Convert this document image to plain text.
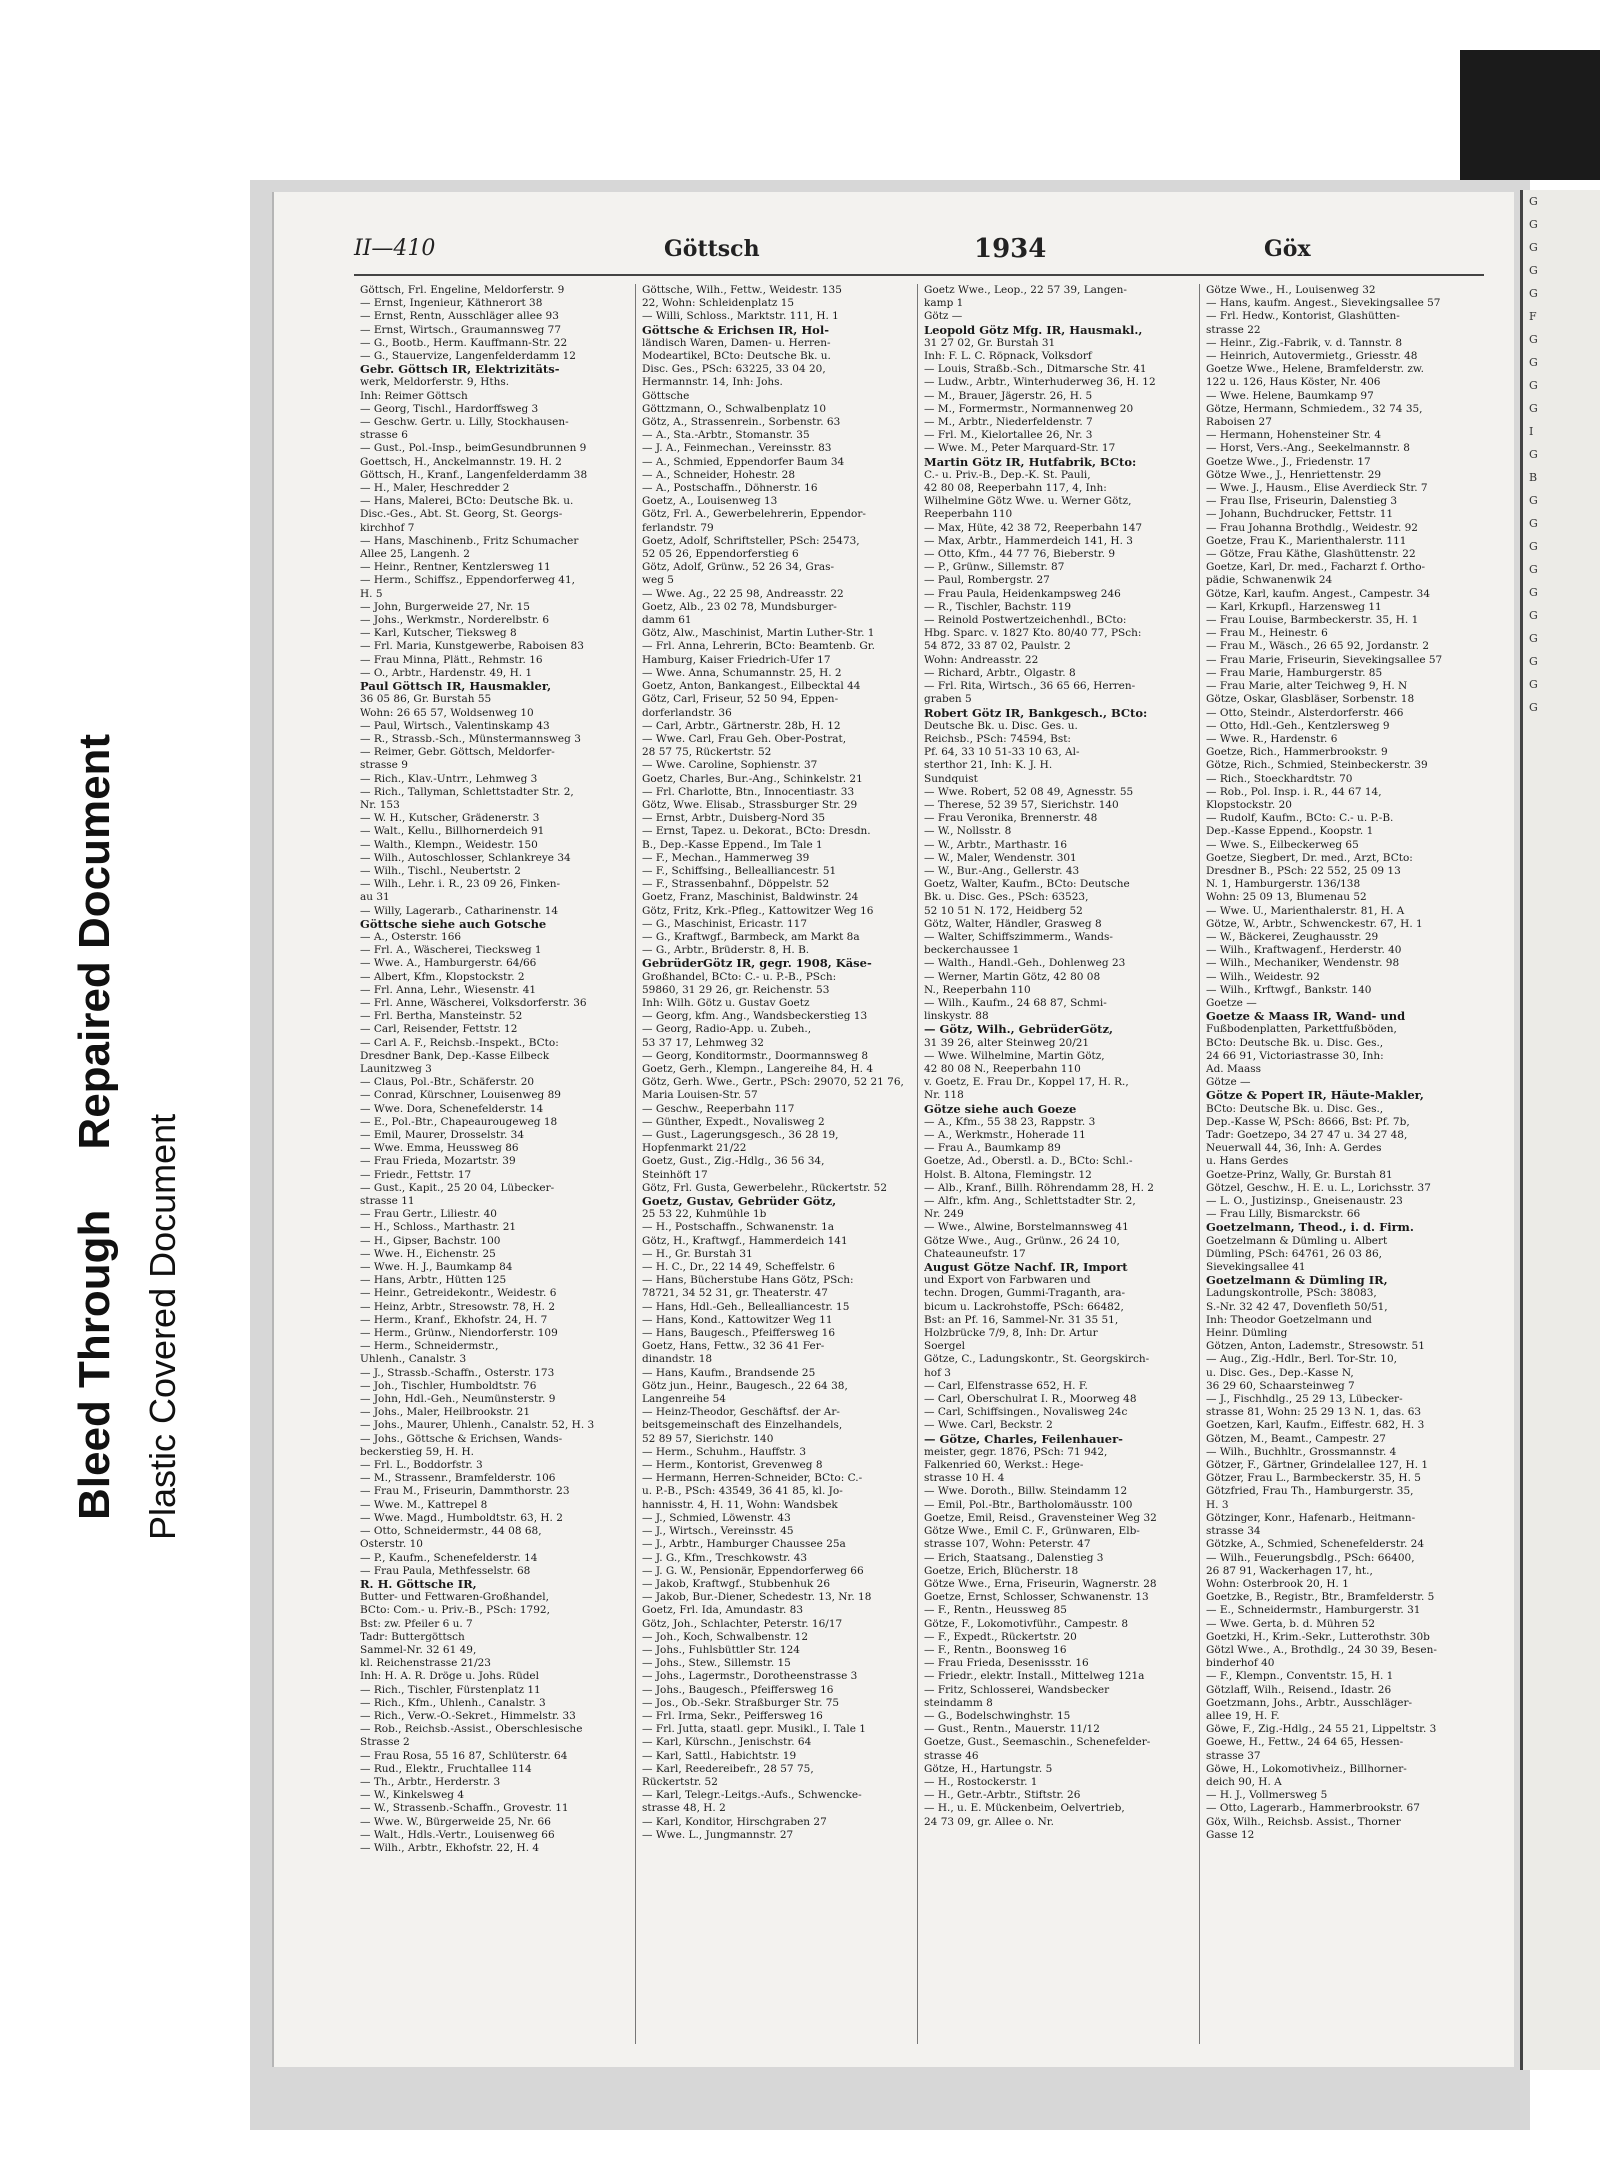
Bleed ThroughRepaired Document
Plastic Covered Document
II—410	Göttsch	1934	Göx
Göttsch, Frl. Engeline, Meldorferstr. 9
— Ernst, Ingenieur, Käthnerort 38
— Ernst, Rentn, Ausschläger allee 93
— Ernst, Wirtsch., Graumannsweg 77
— G., Bootb., Herm. Kauffmann-Str. 22
— G., Stauervize, Langenfelderdamm 12
Gebr. Göttsch IR, Elektrizitäts-
werk, Meldorferstr. 9, Hths.
Inh: Reimer Göttsch
— Georg, Tischl., Hardorffsweg 3
— Geschw. Gertr. u. Lilly, Stockhausen-
strasse 6
— Gust., Pol.-Insp., beimGesundbrunnen 9
Goettsch, H., Anckelmannstr. 19. H. 2
Göttsch, H., Kranf., Langenfelderdamm 38
— H., Maler, Heschredder 2
— Hans, Malerei, BCto: Deutsche Bk. u.
Disc.-Ges., Abt. St. Georg, St. Georgs-
kirchhof 7
— Hans, Maschinenb., Fritz Schumacher
Allee 25, Langenh. 2
— Heinr., Rentner, Kentzlersweg 11
— Herm., Schiffsz., Eppendorferweg 41,
H. 5
— John, Burgerweide 27, Nr. 15
— Johs., Werkmstr., Norderelbstr. 6
— Karl, Kutscher, Tieksweg 8
— Frl. Maria, Kunstgewerbe, Raboisen 83
— Frau Minna, Plätt., Rehmstr. 16
— O., Arbtr., Hardenstr. 49, H. 1
Paul Göttsch IR, Hausmakler,
36 05 86, Gr. Burstah 55
Wohn: 26 65 57, Woldsenweg 10
— Paul, Wirtsch., Valentinskamp 43
— R., Strassb.-Sch., Münstermannsweg 3
— Reimer, Gebr. Göttsch, Meldorfer-
strasse 9
— Rich., Klav.-Untrr., Lehmweg 3
— Rich., Tallyman, Schlettstadter Str. 2,
Nr. 153
— W. H., Kutscher, Grädenerstr. 3
— Walt., Kellu., Billhornerdeich 91
— Walth., Klempn., Weidestr. 150
— Wilh., Autoschlosser, Schlankreye 34
— Wilh., Tischl., Neubertstr. 2
— Wilh., Lehr. i. R., 23 09 26, Finken-
au 31
— Willy, Lagerarb., Catharinenstr. 14
Göttsche siehe auch Gotsche
— A., Osterstr. 166
— Frl. A., Wäscherei, Tiecksweg 1
— Wwe. A., Hamburgerstr. 64/66
— Albert, Kfm., Klopstockstr. 2
— Frl. Anna, Lehr., Wiesenstr. 41
— Frl. Anne, Wäscherei, Volksdorferstr. 36
— Frl. Bertha, Mansteinstr. 52
— Carl, Reisender, Fettstr. 12
— Carl A. F., Reichsb.-Inspekt., BCto:
Dresdner Bank, Dep.-Kasse Eilbeck
Launitzweg 3
— Claus, Pol.-Btr., Schäferstr. 20
— Conrad, Kürschner, Louisenweg 89
— Wwe. Dora, Schenefelderstr. 14
— E., Pol.-Btr., Chapeaurougeweg 18
— Emil, Maurer, Drosselstr. 34
— Wwe. Emma, Heussweg 86
— Frau Frieda, Mozartstr. 39
— Friedr., Fettstr. 17
— Gust., Kapit., 25 20 04, Lübecker-
strasse 11
— Frau Gertr., Liliestr. 40
— H., Schloss., Marthastr. 21
— H., Gipser, Bachstr. 100
— Wwe. H., Eichenstr. 25
— Wwe. H. J., Baumkamp 84
— Hans, Arbtr., Hütten 125
— Heinr., Getreidekontr., Weidestr. 6
— Heinz, Arbtr., Stresowstr. 78, H. 2
— Herm., Kranf., Ekhofstr. 24, H. 7
— Herm., Grünw., Niendorferstr. 109
— Herm., Schneidermstr.,
Uhlenh., Canalstr. 3
— J., Strassb.-Schaffn., Osterstr. 173
— Joh., Tischler, Humboldtstr. 76
— John, Hdl.-Geh., Neumünsterstr. 9
— Johs., Maler, Heilbrookstr. 21
— Johs., Maurer, Uhlenh., Canalstr. 52, H. 3
— Johs., Göttsche & Erichsen, Wands-
beckerstieg 59, H. H.
— Frl. L., Boddorfstr. 3
— M., Strassenr., Bramfelderstr. 106
— Frau M., Friseurin, Dammthorstr. 23
— Wwe. M., Kattrepel 8
— Wwe. Magd., Humboldtstr. 63, H. 2
— Otto, Schneidermstr., 44 08 68,
Osterstr. 10
— P., Kaufm., Schenefelderstr. 14
— Frau Paula, Methfesselstr. 68
R. H. Göttsche IR,
Butter- und Fettwaren-Großhandel,
BCto: Com.- u. Priv.-B., PSch: 1792,
Bst: zw. Pfeiler 6 u. 7
Tadr: Buttergöttsch
Sammel-Nr. 32 61 49,
kl. Reichenstrasse 21/23
Inh: H. A. R. Dröge u. Johs. Rüdel
— Rich., Tischler, Fürstenplatz 11
— Rich., Kfm., Uhlenh., Canalstr. 3
— Rich., Verw.-O.-Sekret., Himmelstr. 33
— Rob., Reichsb.-Assist., Oberschlesische
Strasse 2
— Frau Rosa, 55 16 87, Schlüterstr. 64
— Rud., Elektr., Fruchtallee 114
— Th., Arbtr., Herderstr. 3
— W., Kinkelsweg 4
— W., Strassenb.-Schaffn., Grovestr. 11
— Wwe. W., Bürgerweide 25, Nr. 66
— Walt., Hdls.-Vertr., Louisenweg 66
— Wilh., Arbtr., Ekhofstr. 22, H. 4
Göttsche, Wilh., Fettw., Weidestr. 135
22, Wohn: Schleidenplatz 15
— Willi, Schloss., Marktstr. 111, H. 1
Göttsche & Erichsen IR, Hol-
ländisch Waren, Damen- u. Herren-
Modeartikel, BCto: Deutsche Bk. u.
Disc. Ges., PSch: 63225, 33 04 20,
Hermannstr. 14, Inh: Johs.
Göttsche
Göttzmann, O., Schwalbenplatz 10
Götz, A., Strassenrein., Sorbenstr. 63
— A., Sta.-Arbtr., Stomanstr. 35
— J. A., Feinmechan., Vereinsstr. 83
— A., Schmied, Eppendorfer Baum 34
— A., Schneider, Hohestr. 28
— A., Postschaffn., Döhnerstr. 16
Goetz, A., Louisenweg 13
Götz, Frl. A., Gewerbelehrerin, Eppendor-
ferlandstr. 79
Goetz, Adolf, Schriftsteller, PSch: 25473,
52 05 26, Eppendorferstieg 6
Götz, Adolf, Grünw., 52 26 34, Gras-
weg 5
— Wwe. Ag., 22 25 98, Andreasstr. 22
Goetz, Alb., 23 02 78, Mundsburger-
damm 61
Götz, Alw., Maschinist, Martin Luther-Str. 1
— Frl. Anna, Lehrerin, BCto: Beamtenb. Gr.
Hamburg, Kaiser Friedrich-Ufer 17
— Wwe. Anna, Schumannstr. 25, H. 2
Goetz, Anton, Bankangest., Eilbecktal 44
Götz, Carl, Friseur, 52 50 94, Eppen-
dorferlandstr. 36
— Carl, Arbtr., Gärtnerstr. 28b, H. 12
— Wwe. Carl, Frau Geh. Ober-Postrat,
28 57 75, Rückertstr. 52
— Wwe. Caroline, Sophienstr. 37
Goetz, Charles, Bur.-Ang., Schinkelstr. 21
— Frl. Charlotte, Btn., Innocentiastr. 33
Götz, Wwe. Elisab., Strassburger Str. 29
— Ernst, Arbtr., Duisberg-Nord 35
— Ernst, Tapez. u. Dekorat., BCto: Dresdn.
B., Dep.-Kasse Eppend., Im Tale 1
— F., Mechan., Hammerweg 39
— F., Schiffsing., Bellealliancestr. 51
— F., Strassenbahnf., Döppelstr. 52
Goetz, Franz, Maschinist, Baldwinstr. 24
Götz, Fritz, Krk.-Pfleg., Kattowitzer Weg 16
— G., Maschinist, Ericastr. 117
— G., Kraftwgf., Barmbeck, am Markt 8a
— G., Arbtr., Brüderstr. 8, H. B.
GebrüderGötz IR, gegr. 1908, Käse-
Großhandel, BCto: C.- u. P.-B., PSch:
59860, 31 29 26, gr. Reichenstr. 53
Inh: Wilh. Götz u. Gustav Goetz
— Georg, kfm. Ang., Wandsbeckerstieg 13
— Georg, Radio-App. u. Zubeh.,
53 37 17, Lehmweg 32
— Georg, Konditormstr., Doormannsweg 8
Goetz, Gerh., Klempn., Langereihe 84, H. 4
Götz, Gerh. Wwe., Gertr., PSch: 29070, 52 21 76,
Maria Louisen-Str. 57
— Geschw., Reeperbahn 117
— Günther, Expedt., Novalisweg 2
— Gust., Lagerungsgesch., 36 28 19,
Hopfenmarkt 21/22
Goetz, Gust., Zig.-Hdlg., 36 56 34,
Steinhöft 17
Götz, Frl. Gusta, Gewerbelehr., Rückertstr. 52
Goetz, Gustav, Gebrüder Götz,
25 53 22, Kuhmühle 1b
— H., Postschaffn., Schwanenstr. 1a
Götz, H., Kraftwgf., Hammerdeich 141
— H., Gr. Burstah 31
— H. C., Dr., 22 14 49, Scheffelstr. 6
— Hans, Bücherstube Hans Götz, PSch:
78721, 34 52 31, gr. Theaterstr. 47
— Hans, Hdl.-Geh., Bellealliancestr. 15
— Hans, Kond., Kattowitzer Weg 11
— Hans, Baugesch., Pfeiffersweg 16
Goetz, Hans, Fettw., 32 36 41 Fer-
dinandstr. 18
— Hans, Kaufm., Brandsende 25
Götz jun., Heinr., Baugesch., 22 64 38,
Langenreihe 54
— Heinz-Theodor, Geschäftsf. der Ar-
beitsgemeinschaft des Einzelhandels,
52 89 57, Sierichstr. 140
— Herm., Schuhm., Hauffstr. 3
— Herm., Kontorist, Grevenweg 8
— Hermann, Herren-Schneider, BCto: C.-
u. P.-B., PSch: 43549, 36 41 85, kl. Jo-
hannisstr. 4, H. 11, Wohn: Wandsbek
— J., Schmied, Löwenstr. 43
— J., Wirtsch., Vereinsstr. 45
— J., Arbtr., Hamburger Chaussee 25a
— J. G., Kfm., Treschkowstr. 43
— J. G. W., Pensionär, Eppendorferweg 66
— Jakob, Kraftwgf., Stubbenhuk 26
— Jakob, Bur.-Diener, Schedestr. 13, Nr. 18
Goetz, Frl. Ida, Amundastr. 83
Götz, Joh., Schlachter, Peterstr. 16/17
— Joh., Koch, Schwalbenstr. 12
— Johs., Fuhlsbüttler Str. 124
— Johs., Stew., Sillemstr. 15
— Johs., Lagermstr., Dorotheenstrasse 3
— Johs., Baugesch., Pfeiffersweg 16
— Jos., Ob.-Sekr. Straßburger Str. 75
— Frl. Irma, Sekr., Peiffersweg 16
— Frl. Jutta, staatl. gepr. Musikl., I. Tale 1
— Karl, Kürschn., Jenischstr. 64
— Karl, Sattl., Habichtstr. 19
— Karl, Reedereibefr., 28 57 75,
Rückertstr. 52
— Karl, Telegr.-Leitgs.-Aufs., Schwencke-
strasse 48, H. 2
— Karl, Konditor, Hirschgraben 27
— Wwe. L., Jungmannstr. 27
Goetz Wwe., Leop., 22 57 39, Langen-
kamp 1
Götz —
Leopold Götz Mfg. IR, Hausmakl.,
31 27 02, Gr. Burstah 31
Inh: F. L. C. Röpnack, Volksdorf
— Louis, Straßb.-Sch., Ditmarsche Str. 41
— Ludw., Arbtr., Winterhuderweg 36, H. 12
— M., Brauer, Jägerstr. 26, H. 5
— M., Formermstr., Normannenweg 20
— M., Arbtr., Niederfeldenstr. 7
— Frl. M., Kielortallee 26, Nr. 3
— Wwe. M., Peter Marquard-Str. 17
Martin Götz IR, Hutfabrik, BCto:
C.- u. Priv.-B., Dep.-K. St. Pauli,
42 80 08, Reeperbahn 117, 4, Inh:
Wilhelmine Götz Wwe. u. Werner Götz,
Reeperbahn 110
— Max, Hüte, 42 38 72, Reeperbahn 147
— Max, Arbtr., Hammerdeich 141, H. 3
— Otto, Kfm., 44 77 76, Bieberstr. 9
— P., Grünw., Sillemstr. 87
— Paul, Rombergstr. 27
— Frau Paula, Heidenkampsweg 246
— R., Tischler, Bachstr. 119
— Reinold Postwertzeichenhdl., BCto:
Hbg. Sparc. v. 1827 Kto. 80/40 77, PSch:
54 872, 33 87 02, Paulstr. 2
Wohn: Andreasstr. 22
— Richard, Arbtr., Olgastr. 8
— Frl. Rita, Wirtsch., 36 65 66, Herren-
graben 5
Robert Götz IR, Bankgesch., BCto:
Deutsche Bk. u. Disc. Ges. u.
Reichsb., PSch: 74594, Bst:
Pf. 64, 33 10 51-33 10 63, Al-
sterthor 21, Inh: K. J. H.
Sundquist
— Wwe. Robert, 52 08 49, Agnesstr. 55
— Therese, 52 39 57, Sierichstr. 140
— Frau Veronika, Brennerstr. 48
— W., Nollsstr. 8
— W., Arbtr., Marthastr. 16
— W., Maler, Wendenstr. 301
— W., Bur.-Ang., Gellerstr. 43
Goetz, Walter, Kaufm., BCto: Deutsche
Bk. u. Disc. Ges., PSch: 63523,
52 10 51 N. 172, Heidberg 52
Götz, Walter, Händler, Grasweg 8
— Walter, Schiffszimmerm., Wands-
beckerchaussee 1
— Walth., Handl.-Geh., Dohlenweg 23
— Werner, Martin Götz, 42 80 08
N., Reeperbahn 110
— Wilh., Kaufm., 24 68 87, Schmi-
linskystr. 88
— Götz, Wilh., GebrüderGötz,
31 39 26, alter Steinweg 20/21
— Wwe. Wilhelmine, Martin Götz,
42 80 08 N., Reeperbahn 110
v. Goetz, E. Frau Dr., Koppel 17, H. R.,
Nr. 118
Götze siehe auch Goeze
— A., Kfm., 55 38 23, Rappstr. 3
— A., Werkmstr., Hoherade 11
— Frau A., Baumkamp 89
Goetze, Ad., Oberstl. a. D., BCto: Schl.-
Holst. B. Altona, Flemingstr. 12
— Alb., Kranf., Billh. Röhrendamm 28, H. 2
— Alfr., kfm. Ang., Schlettstadter Str. 2,
Nr. 249
— Wwe., Alwine, Borstelmannsweg 41
Götze Wwe., Aug., Grünw., 26 24 10,
Chateauneufstr. 17
August Götze Nachf. IR, Import
und Export von Farbwaren und
techn. Drogen, Gummi-Traganth, ara-
bicum u. Lackrohstoffe, PSch: 66482,
Bst: an Pf. 16, Sammel-Nr. 31 35 51,
Holzbrücke 7/9, 8, Inh: Dr. Artur
Soergel
Götze, C., Ladungskontr., St. Georgskirch-
hof 3
— Carl, Elfenstrasse 652, H. F.
— Carl, Oberschulrat I. R., Moorweg 48
— Carl, Schiffsingen., Novalisweg 24c
— Wwe. Carl, Beckstr. 2
— Götze, Charles, Feilenhauer-
meister, gegr. 1876, PSch: 71 942,
Falkenried 60, Werkst.: Hege-
strasse 10 H. 4
— Wwe. Doroth., Billw. Steindamm 12
— Emil, Pol.-Btr., Bartholomäusstr. 100
Goetze, Emil, Reisd., Gravensteiner Weg 32
Götze Wwe., Emil C. F., Grünwaren, Elb-
strasse 107, Wohn: Peterstr. 47
— Erich, Staatsang., Dalenstieg 3
Goetze, Erich, Blücherstr. 18
Götze Wwe., Erna, Friseurin, Wagnerstr. 28
Goetze, Ernst, Schlosser, Schwanenstr. 13
— F., Rentn., Heussweg 85
Götze, F., Lokomotivführ., Campestr. 8
— F., Expedt., Rückertstr. 20
— F., Rentn., Boonsweg 16
— Frau Frieda, Desenissstr. 16
— Friedr., elektr. Install., Mittelweg 121a
— Fritz, Schlosserei, Wandsbecker
steindamm 8
— G., Bodelschwinghstr. 15
— Gust., Rentn., Mauerstr. 11/12
Goetze, Gust., Seemaschin., Schenefelder-
strasse 46
Götze, H., Hartungstr. 5
— H., Rostockerstr. 1
— H., Getr.-Arbtr., Stiftstr. 26
— H., u. E. Mückenbeim, Oelvertrieb,
24 73 09, gr. Allee o. Nr.
Götze Wwe., H., Louisenweg 32
— Hans, kaufm. Angest., Sievekingsallee 57
— Frl. Hedw., Kontorist, Glashütten-
strasse 22
— Heinr., Zig.-Fabrik, v. d. Tannstr. 8
— Heinrich, Autovermietg., Griesstr. 48
Goetze Wwe., Helene, Bramfelderstr. zw.
122 u. 126, Haus Köster, Nr. 406
— Wwe. Helene, Baumkamp 97
Götze, Hermann, Schmiedem., 32 74 35,
Raboisen 27
— Hermann, Hohensteiner Str. 4
— Horst, Vers.-Ang., Seekelmannstr. 8
Goetze Wwe., J., Friedenstr. 17
Götze Wwe., J., Henriettenstr. 29
— Wwe. J., Hausm., Elise Averdieck Str. 7
— Frau Ilse, Friseurin, Dalenstieg 3
— Johann, Buchdrucker, Fettstr. 11
— Frau Johanna Brothdlg., Weidestr. 92
Goetze, Frau K., Marienthalerstr. 111
— Götze, Frau Käthe, Glashüttenstr. 22
Goetze, Karl, Dr. med., Facharzt f. Ortho-
pädie, Schwanenwik 24
Götze, Karl, kaufm. Angest., Campestr. 34
— Karl, Krkupfl., Harzensweg 11
— Frau Louise, Barmbeckerstr. 35, H. 1
— Frau M., Heinestr. 6
— Frau M., Wäsch., 26 65 92, Jordanstr. 2
— Frau Marie, Friseurin, Sievekingsallee 57
— Frau Marie, Hamburgerstr. 85
— Frau Marie, alter Teichweg 9, H. N
Götze, Oskar, Glasbläser, Sorbenstr. 18
— Otto, Steindr., Alsterdorferstr. 466
— Otto, Hdl.-Geh., Kentzlersweg 9
— Wwe. R., Hardenstr. 6
Goetze, Rich., Hammerbrookstr. 9
Götze, Rich., Schmied, Steinbeckerstr. 39
— Rich., Stoeckhardtstr. 70
— Rob., Pol. Insp. i. R., 44 67 14,
Klopstockstr. 20
— Rudolf, Kaufm., BCto: C.- u. P.-B.
Dep.-Kasse Eppend., Koopstr. 1
— Wwe. S., Eilbeckerweg 65
Goetze, Siegbert, Dr. med., Arzt, BCto:
Dresdner B., PSch: 22 552, 25 09 13
N. 1, Hamburgerstr. 136/138
Wohn: 25 09 13, Blumenau 52
— Wwe. U., Marienthalerstr. 81, H. A
Götze, W., Arbtr., Schwenckestr. 67, H. 1
— W., Bäckerei, Zeughausstr. 29
— Wilh., Kraftwagenf., Herderstr. 40
— Wilh., Mechaniker, Wendenstr. 98
— Wilh., Weidestr. 92
— Wilh., Krftwgf., Bankstr. 140
Goetze —
Goetze & Maass IR, Wand- und
Fußbodenplatten, Parkettfußböden,
BCto: Deutsche Bk. u. Disc. Ges.,
24 66 91, Victoriastrasse 30, Inh:
Ad. Maass
Götze —
Götze & Popert IR, Häute-Makler,
BCto: Deutsche Bk. u. Disc. Ges.,
Dep.-Kasse W, PSch: 8666, Bst: Pf. 7b,
Tadr: Goetzepo, 34 27 47 u. 34 27 48,
Neuerwall 44, 36, Inh: A. Gerdes
u. Hans Gerdes
Goetze-Prinz, Wally, Gr. Burstah 81
Götzel, Geschw., H. E. u. L., Lorichsstr. 37
— L. O., Justizinsp., Gneisenaustr. 23
— Frau Lilly, Bismarckstr. 66
Goetzelmann, Theod., i. d. Firm.
Goetzelmann & Dümling u. Albert
Dümling, PSch: 64761, 26 03 86,
Sievekingsallee 41
Goetzelmann & Dümling IR,
Ladungskontrolle, PSch: 38083,
S.-Nr. 32 42 47, Dovenfleth 50/51,
Inh: Theodor Goetzelmann und
Heinr. Dümling
Götzen, Anton, Lademstr., Stresowstr. 51
— Aug., Zig.-Hdlr., Berl. Tor-Str. 10,
u. Disc. Ges., Dep.-Kasse N,
36 29 60, Schaarsteinweg 7
— J., Fischhdlg., 25 29 13, Lübecker-
strasse 81, Wohn: 25 29 13 N. 1, das. 63
Goetzen, Karl, Kaufm., Eiffestr. 682, H. 3
Götzen, M., Beamt., Campestr. 27
— Wilh., Buchhltr., Grossmannstr. 4
Götzer, F., Gärtner, Grindelallee 127, H. 1
Götzer, Frau L., Barmbeckerstr. 35, H. 5
Götzfried, Frau Th., Hamburgerstr. 35,
H. 3
Götzinger, Konr., Hafenarb., Heitmann-
strasse 34
Götzke, A., Schmied, Schenefelderstr. 24
— Wilh., Feuerungsbdlg., PSch: 66400,
26 87 91, Wackerhagen 17, ht.,
Wohn: Osterbrook 20, H. 1
Goetzke, B., Registr., Btr., Bramfelderstr. 5
— E., Schneidermstr., Hamburgerstr. 31
— Wwe. Gerta, b. d. Mühren 52
Goetzki, H., Krim.-Sekr., Lutterothstr. 30b
Götzl Wwe., A., Brothdlg., 24 30 39, Besen-
binderhof 40
— F., Klempn., Conventstr. 15, H. 1
Götzlaff, Wilh., Reisend., Idastr. 26
Goetzmann, Johs., Arbtr., Ausschläger-
allee 19, H. F.
Göwe, F., Zig.-Hdlg., 24 55 21, Lippeltstr. 3
Goewe, H., Fettw., 24 64 65, Hessen-
strasse 37
Göwe, H., Lokomotivheiz., Billhorner-
deich 90, H. A
— H. J., Vollmersweg 5
— Otto, Lagerarb., Hammerbrookstr. 67
Göx, Wilh., Reichsb. Assist., Thorner
Gasse 12
G
G
G
G
G
F
G
G
G
G
I
G
B
G
G
G
G
G
G
G
G
G
G
